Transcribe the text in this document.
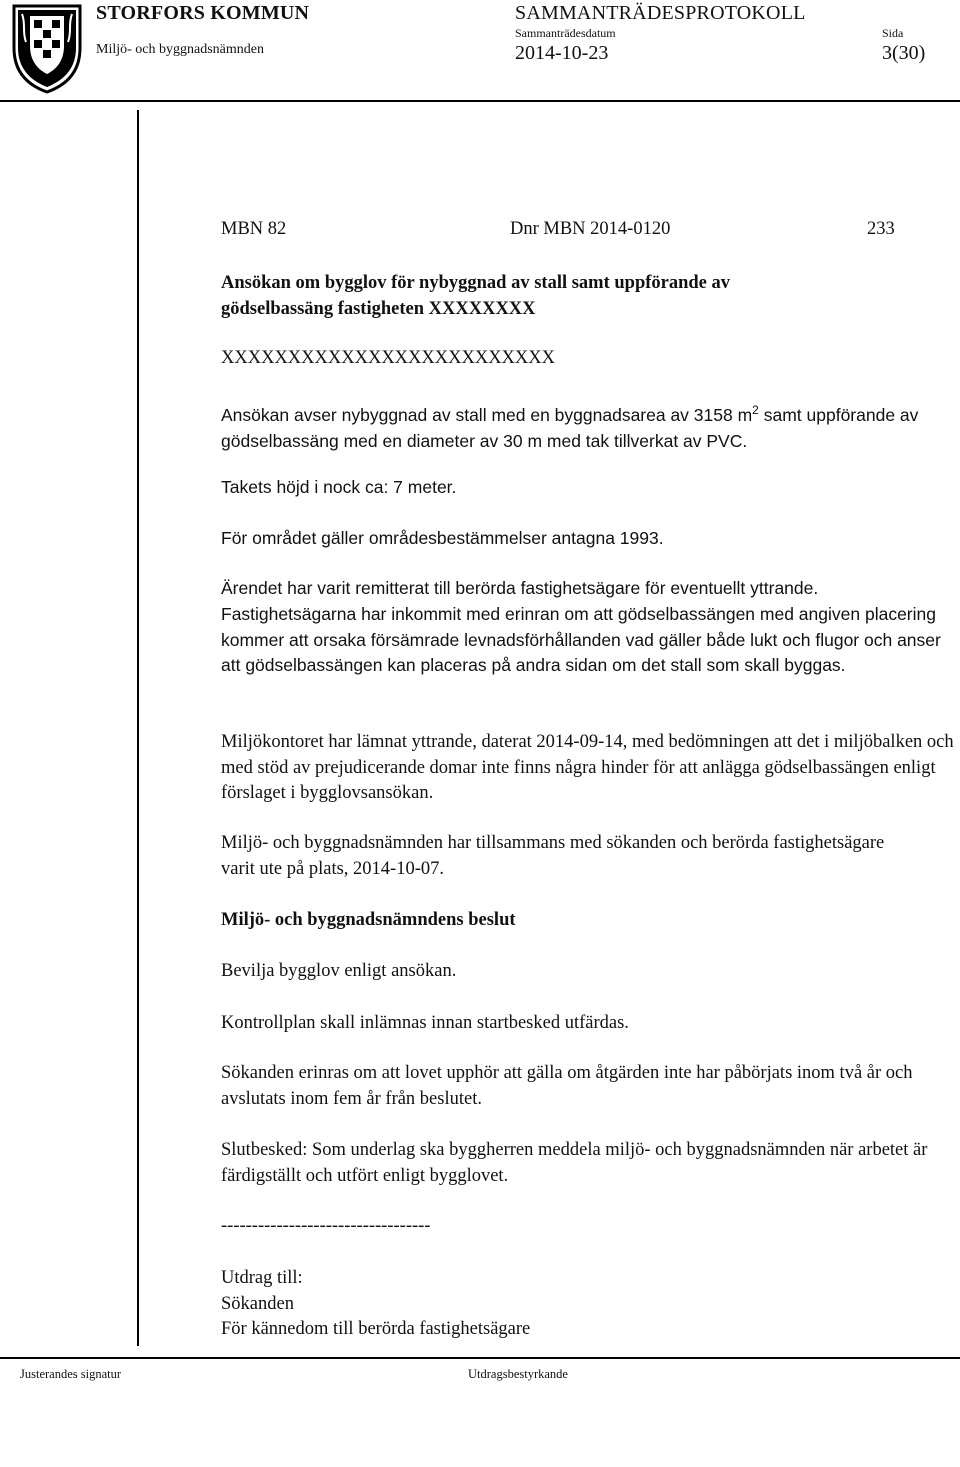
STORFORS KOMMUN
Miljö- och byggnadsnämnden
SAMMANTRÄDESPROTOKOLL
Sammanträdesdatum
2014-10-23
Sida
3(30)
MBN 82	Dnr MBN 2014-0120	233
Ansökan om bygglov för nybyggnad av stall samt uppförande av
gödselbassäng fastigheten XXXXXXXX
XXXXXXXXXXXXXXXXXXXXXXXXX
Ansökan avser nybyggnad av stall med en byggnadsarea av 3158 $m^2$ samt uppförande av gödselbassäng med en diameter av 30 m med tak tillverkat av PVC.
Takets höjd i nock ca: 7 meter.
För området gäller områdesbestämmelser antagna 1993.
Ärendet har varit remitterat till berörda fastighetsägare för eventuellt yttrande.
Fastighetsägarna har inkommit med erinran om att gödselbassängen med angiven placering kommer att orsaka försämrade levnadsförhållanden vad gäller både lukt och flugor och anser att gödselbassängen kan placeras på andra sidan om det stall som skall byggas.
Miljökontoret har lämnat yttrande, daterat 2014-09-14, med bedömningen att det i miljöbalken och med stöd av prejudicerande domar inte finns några hinder för att anlägga gödselbassängen enligt förslaget i bygglovsansökan.
Miljö- och byggnadsnämnden har tillsammans med sökanden och berörda fastighetsägare varit ute på plats, 2014-10-07.
Miljö- och byggnadsnämndens beslut
Bevilja bygglov enligt ansökan.
Kontrollplan skall inlämnas innan startbesked utfärdas.
Sökanden erinras om att lovet upphör att gälla om åtgärden inte har påbörjats inom två år och avslutats inom fem år från beslutet.
Slutbesked: Som underlag ska byggherren meddela miljö- och byggnadsnämnden när arbetet är färdigställt och utfört enligt bygglovet.
----------------------------------
Utdrag till:
Sökanden
För kännedom till berörda fastighetsägare
Justerandes signatur	Utdragsbestyrkande
